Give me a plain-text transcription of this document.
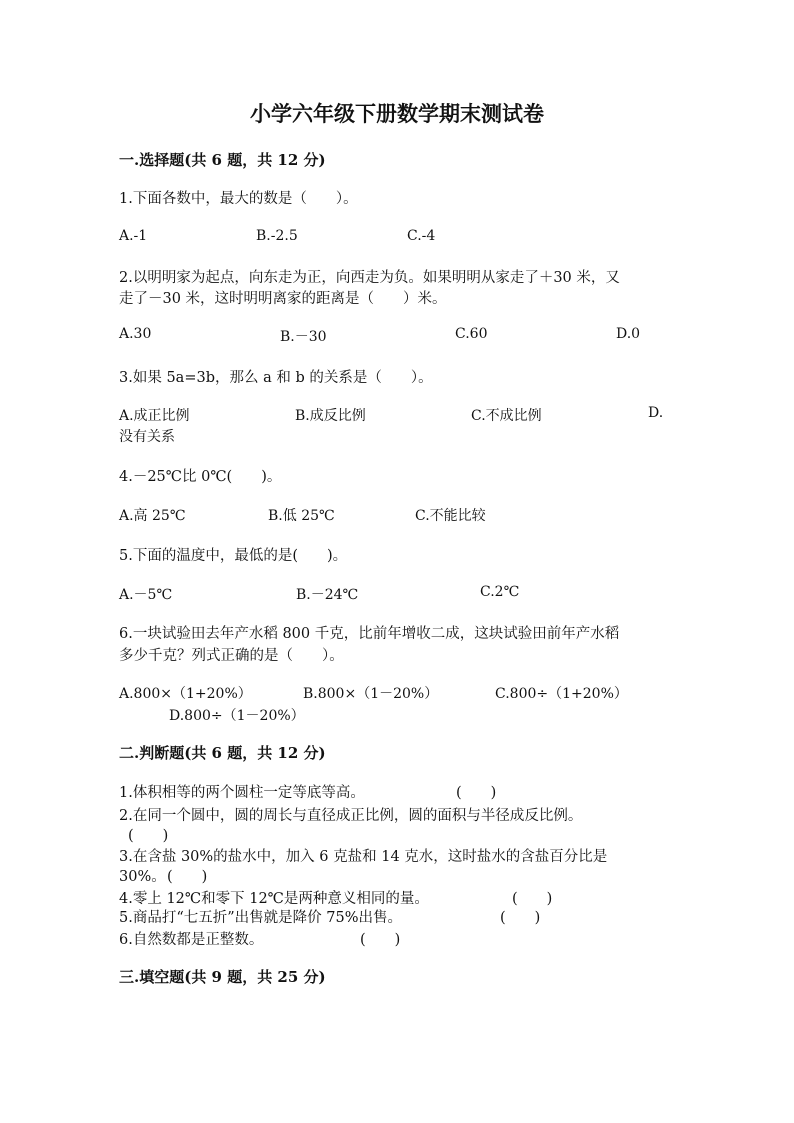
小学六年级下册数学期末测试卷
一.选择题(共 6 题，共 12 分)
1.下面各数中，最大的数是（　　）。
A.-1	B.-2.5	C.-4
2.以明明家为起点，向东走为正，向西走为负。如果明明从家走了＋30 米，又
走了－30 米，这时明明离家的距离是（　　）米。
A.30	B.－30	C.60	D.0
3.如果 5a=3b，那么 a 和 b 的关系是（　　）。
A.成正比例	B.成反比例	C.不成比例	D.
没有关系
4.－25℃比 0℃(　　)。
A.高 25℃	B.低 25℃	C.不能比较
5.下面的温度中，最低的是(　　)。
A.－5℃	B.－24℃	C.2℃
6.一块试验田去年产水稻 800 千克，比前年增收二成，这块试验田前年产水稻
多少千克？列式正确的是（　　）。
A.800×（1+20%）	B.800×（1－20%）	C.800÷（1+20%）
D.800÷（1－20%）
二.判断题(共 6 题，共 12 分)
1.体积相等的两个圆柱一定等底等高。	(　　)
2.在同一个圆中，圆的周长与直径成正比例，圆的面积与半径成反比例。
(　　)
3.在含盐 30%的盐水中，加入 6 克盐和 14 克水，这时盐水的含盐百分比是
30%。 (　　)
4.零上 12℃和零下 12℃是两种意义相同的量。	(　　)
5.商品打“七五折”出售就是降价 75%出售。	(　　)
6.自然数都是正整数。	(　　)
三.填空题(共 9 题，共 25 分)
